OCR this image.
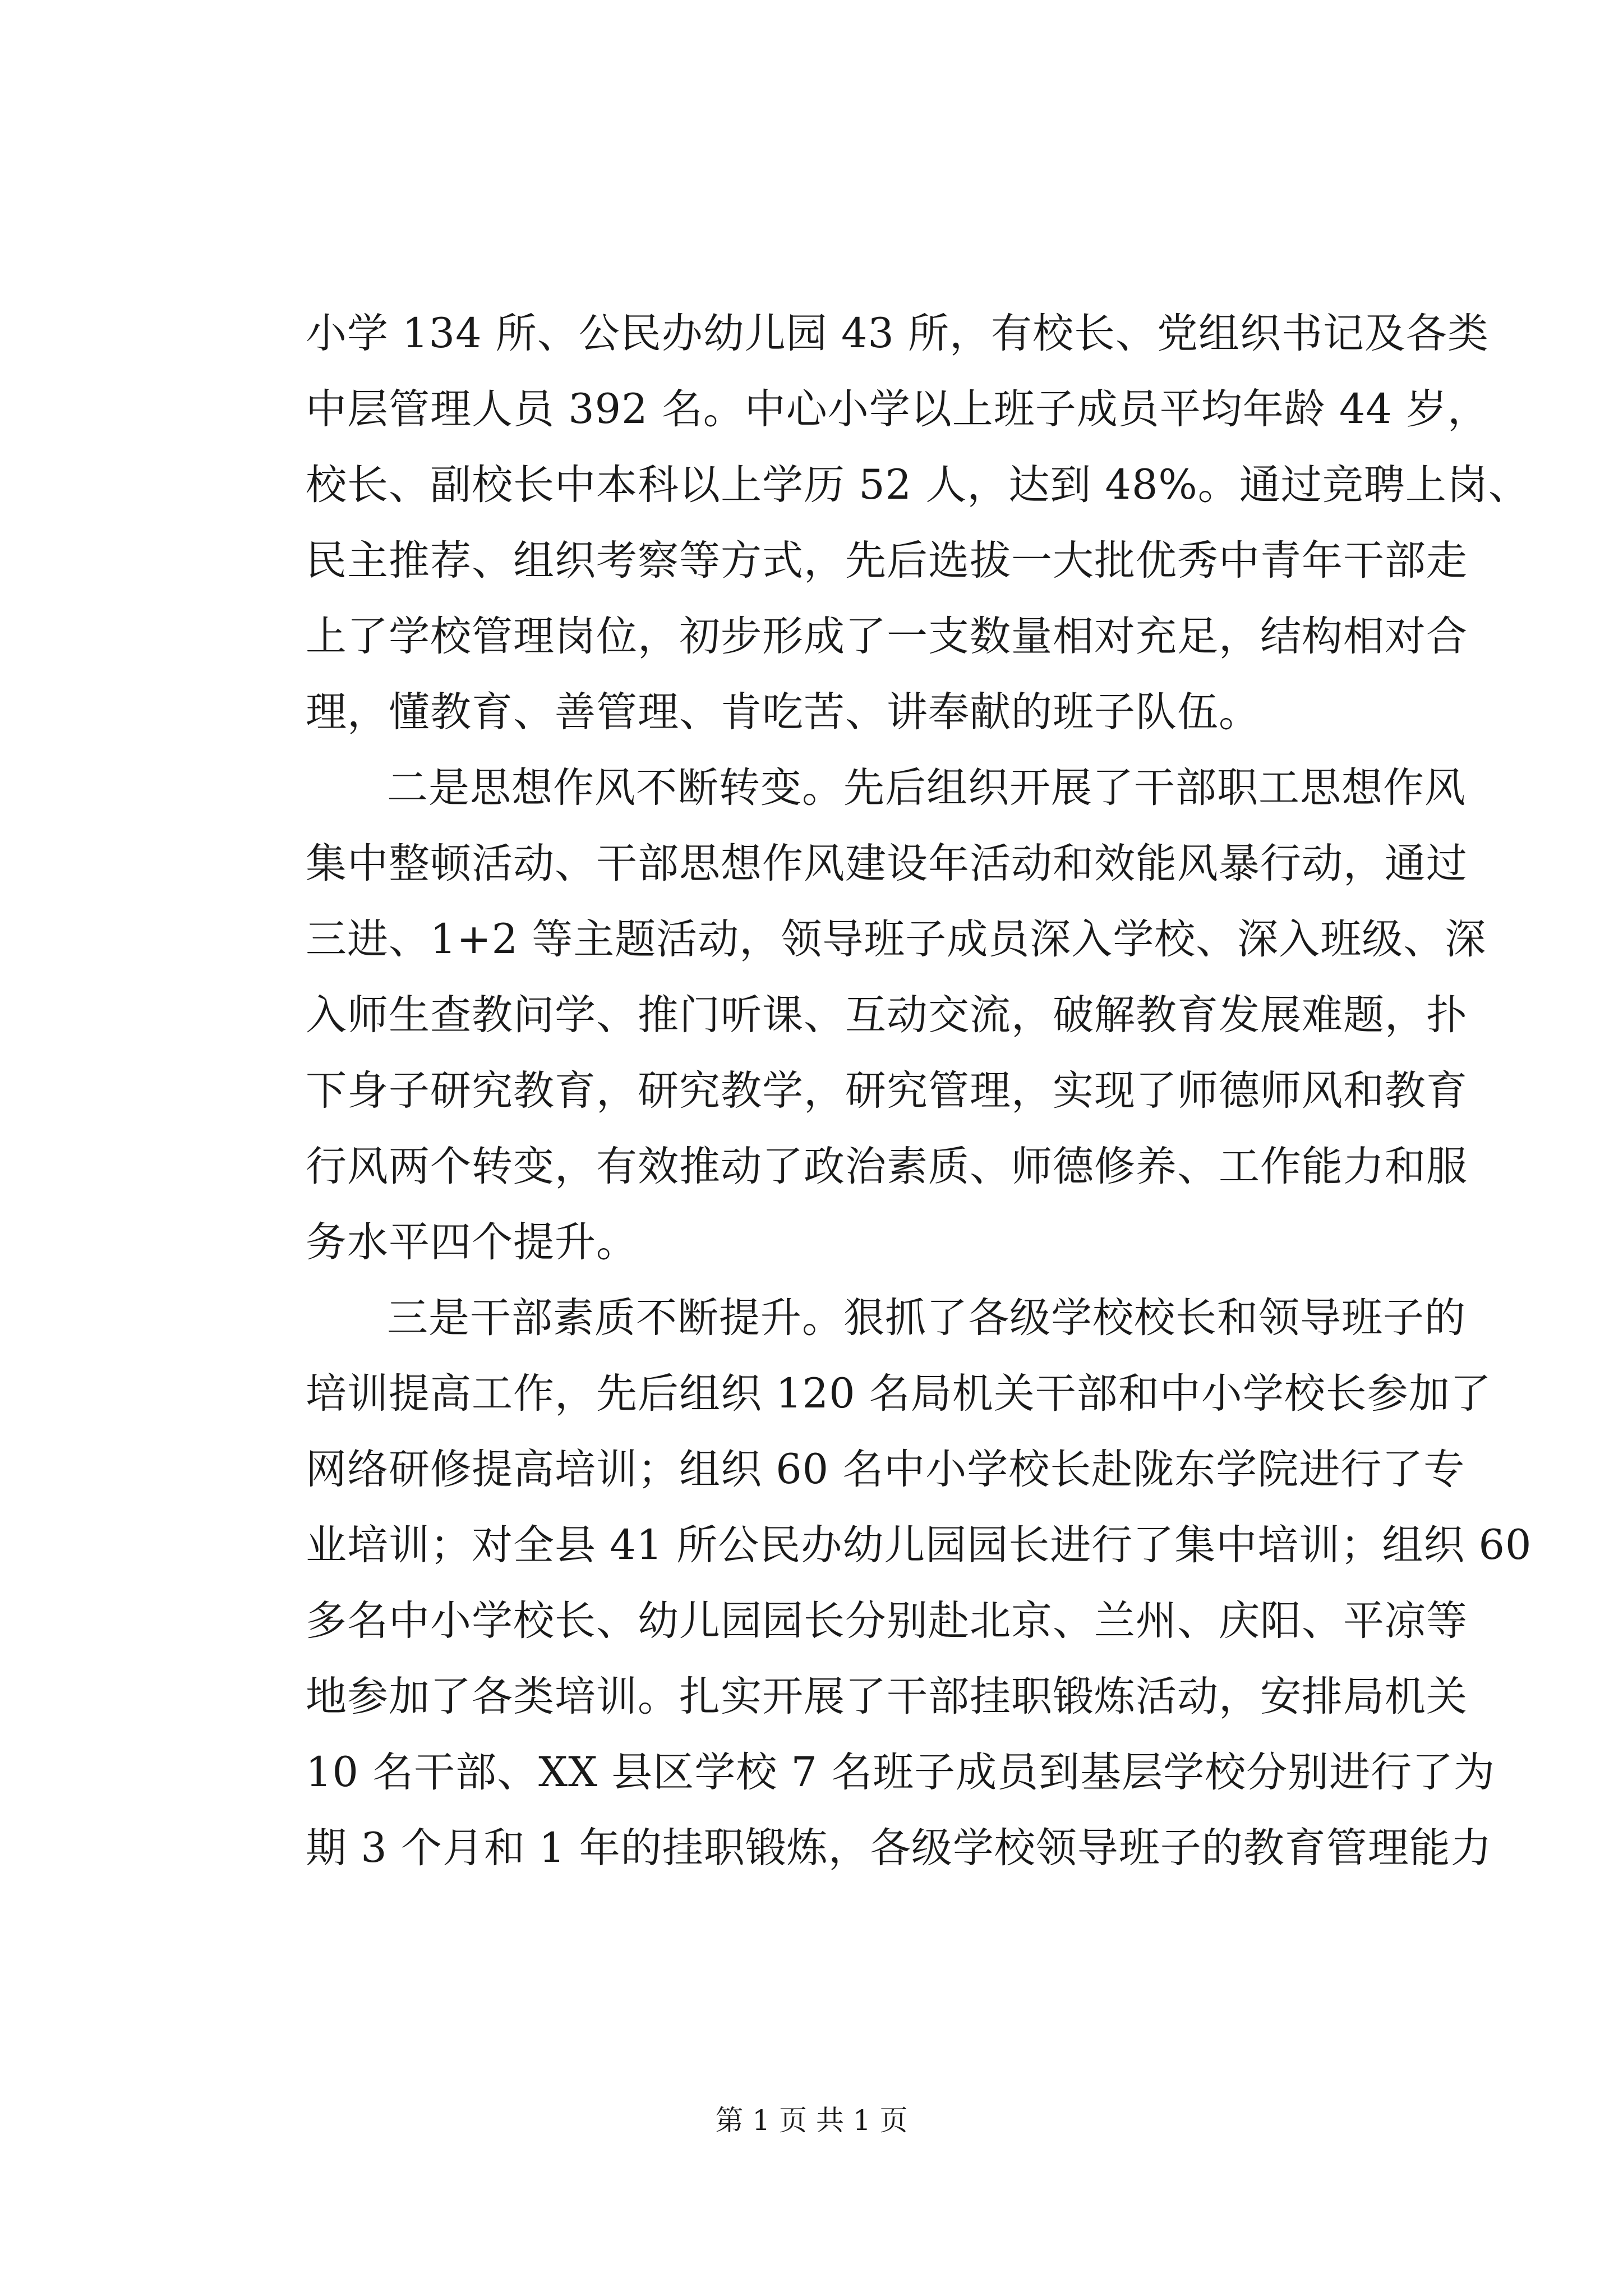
小学 134 所、公民办幼儿园 43 所，有校长、党组织书记及各类
中层管理人员 392 名。中心小学以上班子成员平均年龄 44 岁，
校长、副校长中本科以上学历 52 人，达到 48%。通过竞聘上岗、
民主推荐、组织考察等方式，先后选拔一大批优秀中青年干部走
上了学校管理岗位，初步形成了一支数量相对充足，结构相对合
理，懂教育、善管理、肯吃苦、讲奉献的班子队伍。
二是思想作风不断转变。先后组织开展了干部职工思想作风
集中整顿活动、干部思想作风建设年活动和效能风暴行动，通过
三进、1+2 等主题活动，领导班子成员深入学校、深入班级、深
入师生查教问学、推门听课、互动交流，破解教育发展难题，扑
下身子研究教育，研究教学，研究管理，实现了师德师风和教育
行风两个转变，有效推动了政治素质、师德修养、工作能力和服
务水平四个提升。
三是干部素质不断提升。狠抓了各级学校校长和领导班子的
培训提高工作，先后组织 120 名局机关干部和中小学校长参加了
网络研修提高培训；组织 60 名中小学校长赴陇东学院进行了专
业培训；对全县 41 所公民办幼儿园园长进行了集中培训；组织 60
多名中小学校长、幼儿园园长分别赴北京、兰州、庆阳、平凉等
地参加了各类培训。扎实开展了干部挂职锻炼活动，安排局机关
10 名干部、XX 县区学校 7 名班子成员到基层学校分别进行了为
期 3 个月和 1 年的挂职锻炼，各级学校领导班子的教育管理能力
第 1 页 共 1 页
